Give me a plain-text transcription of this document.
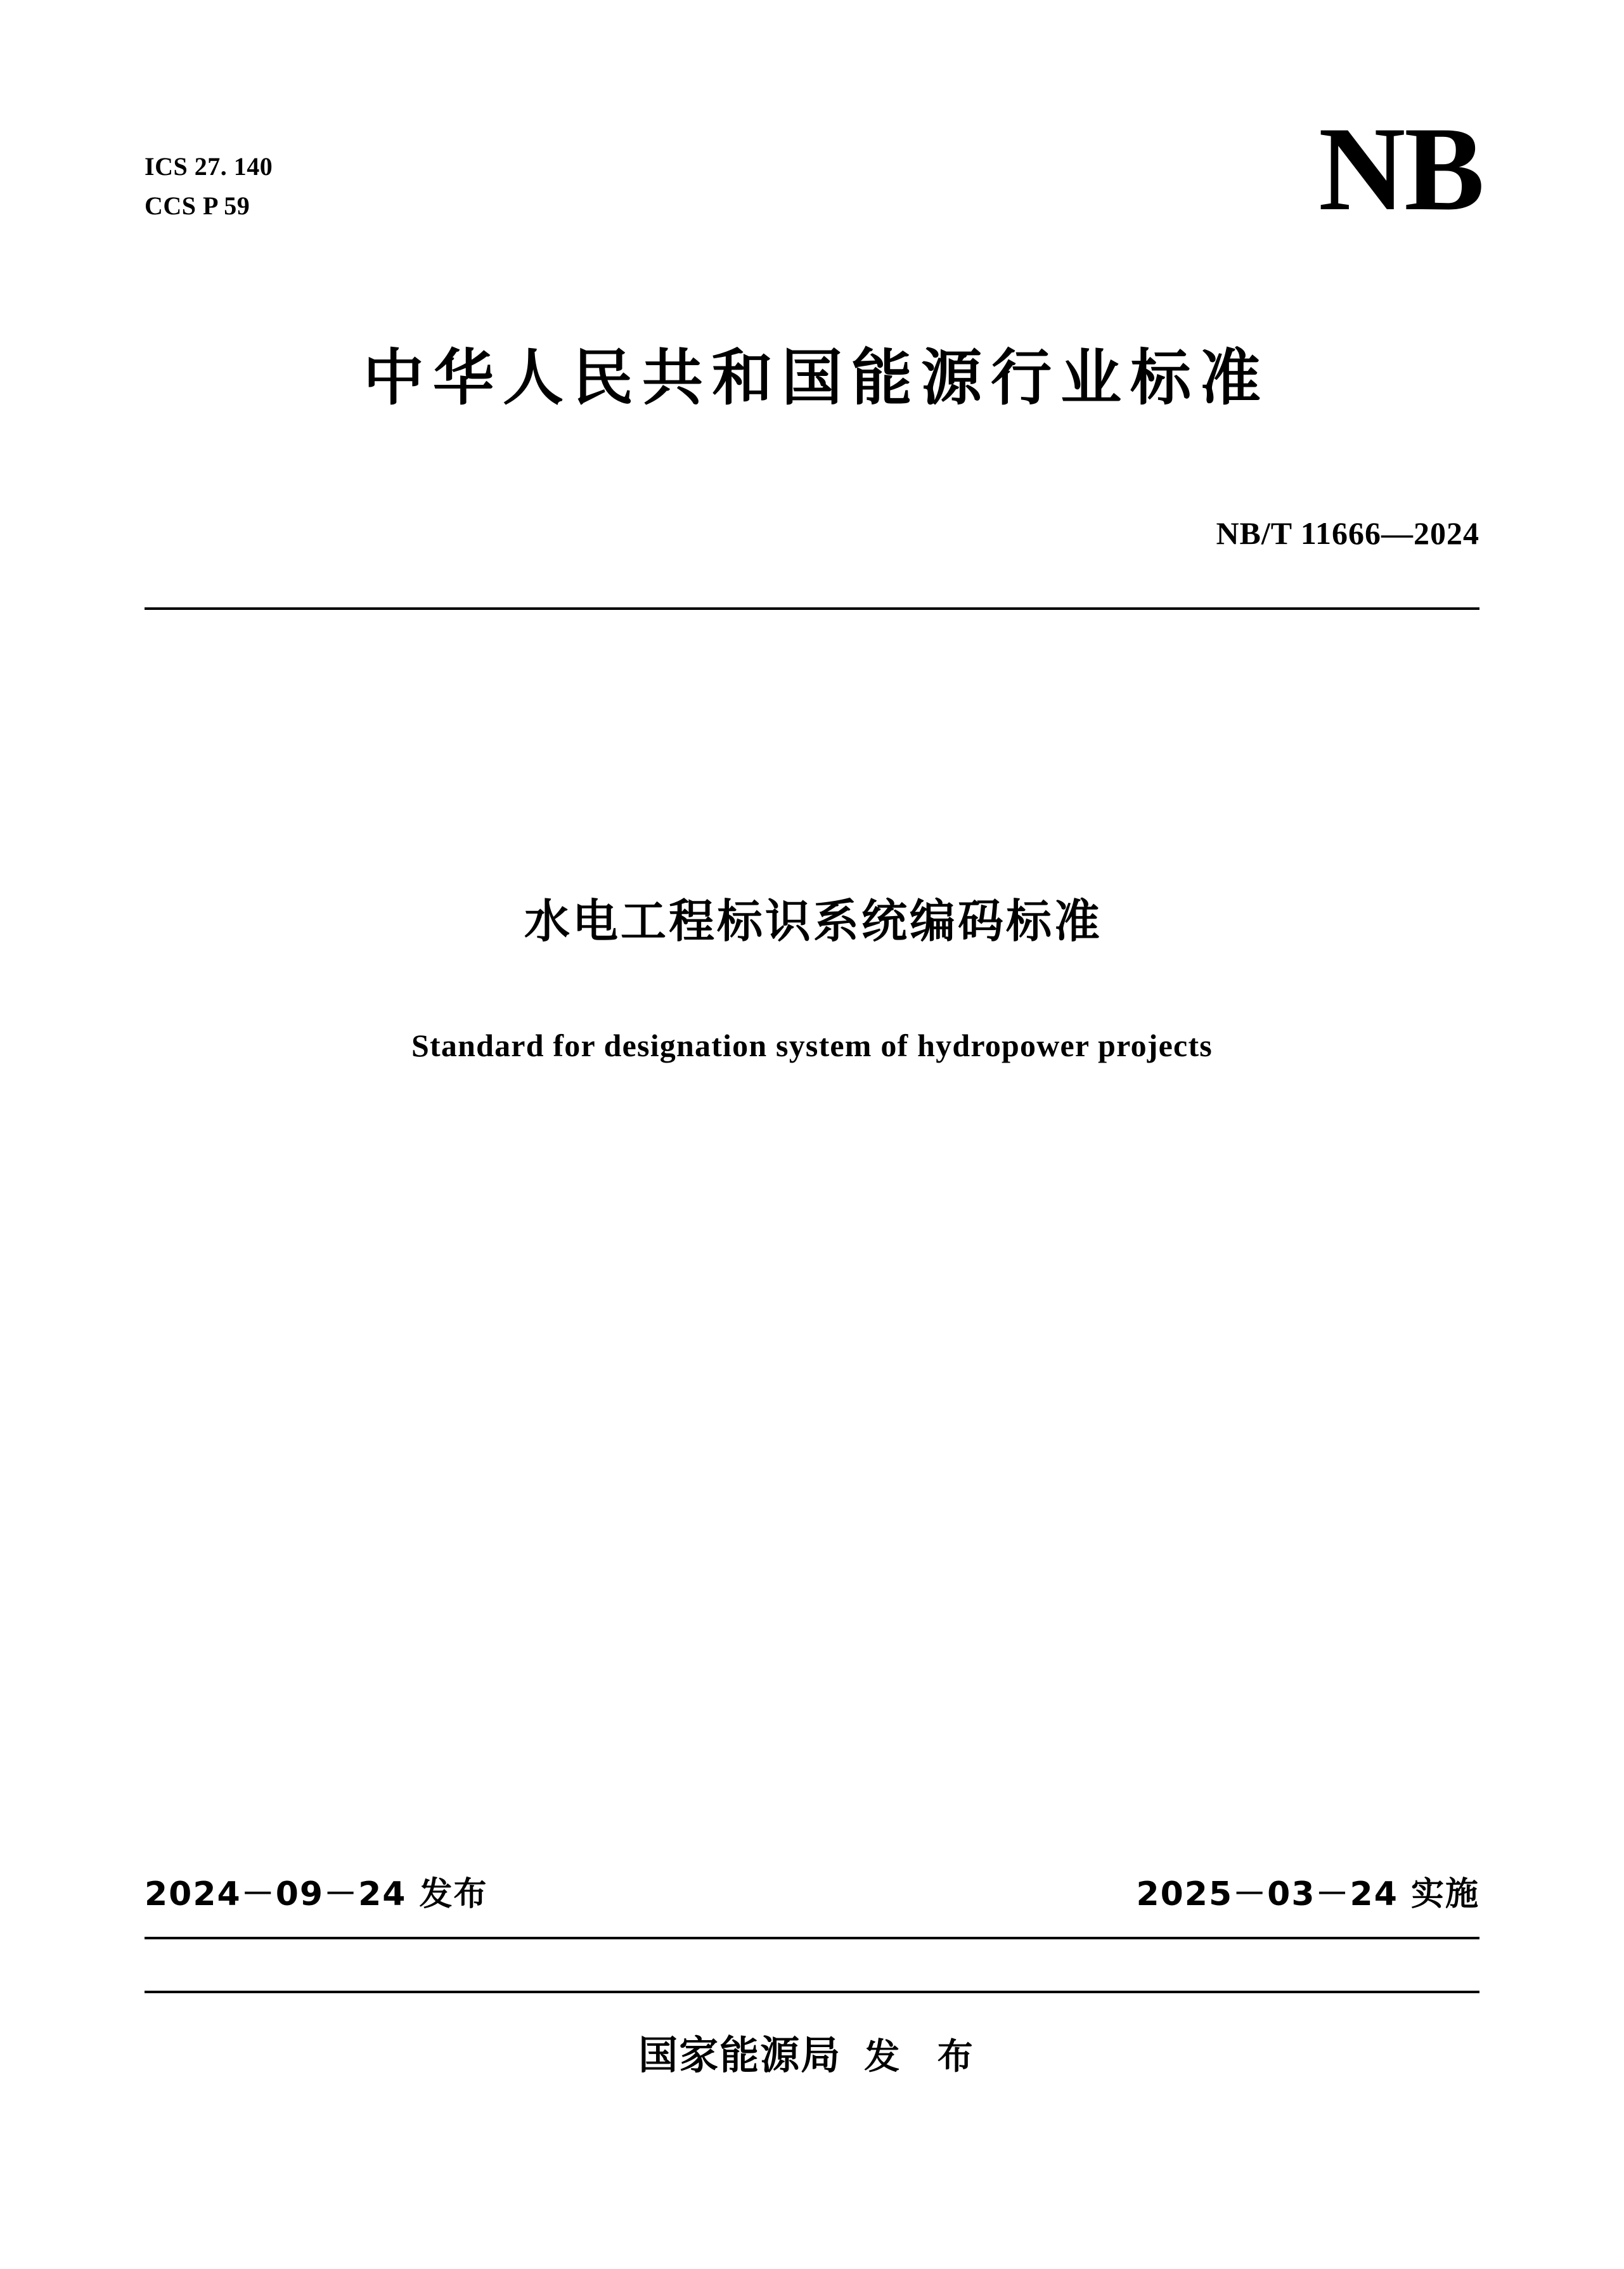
ICS 27. 140
CCS P 59	NB
中华人民共和国能源行业标准
NB/T 11666—2024
水电工程标识系统编码标准
Standard for designation system of hydropower projects
2024－09－24 发布	2025－03－24 实施
国家能源局 发 布
